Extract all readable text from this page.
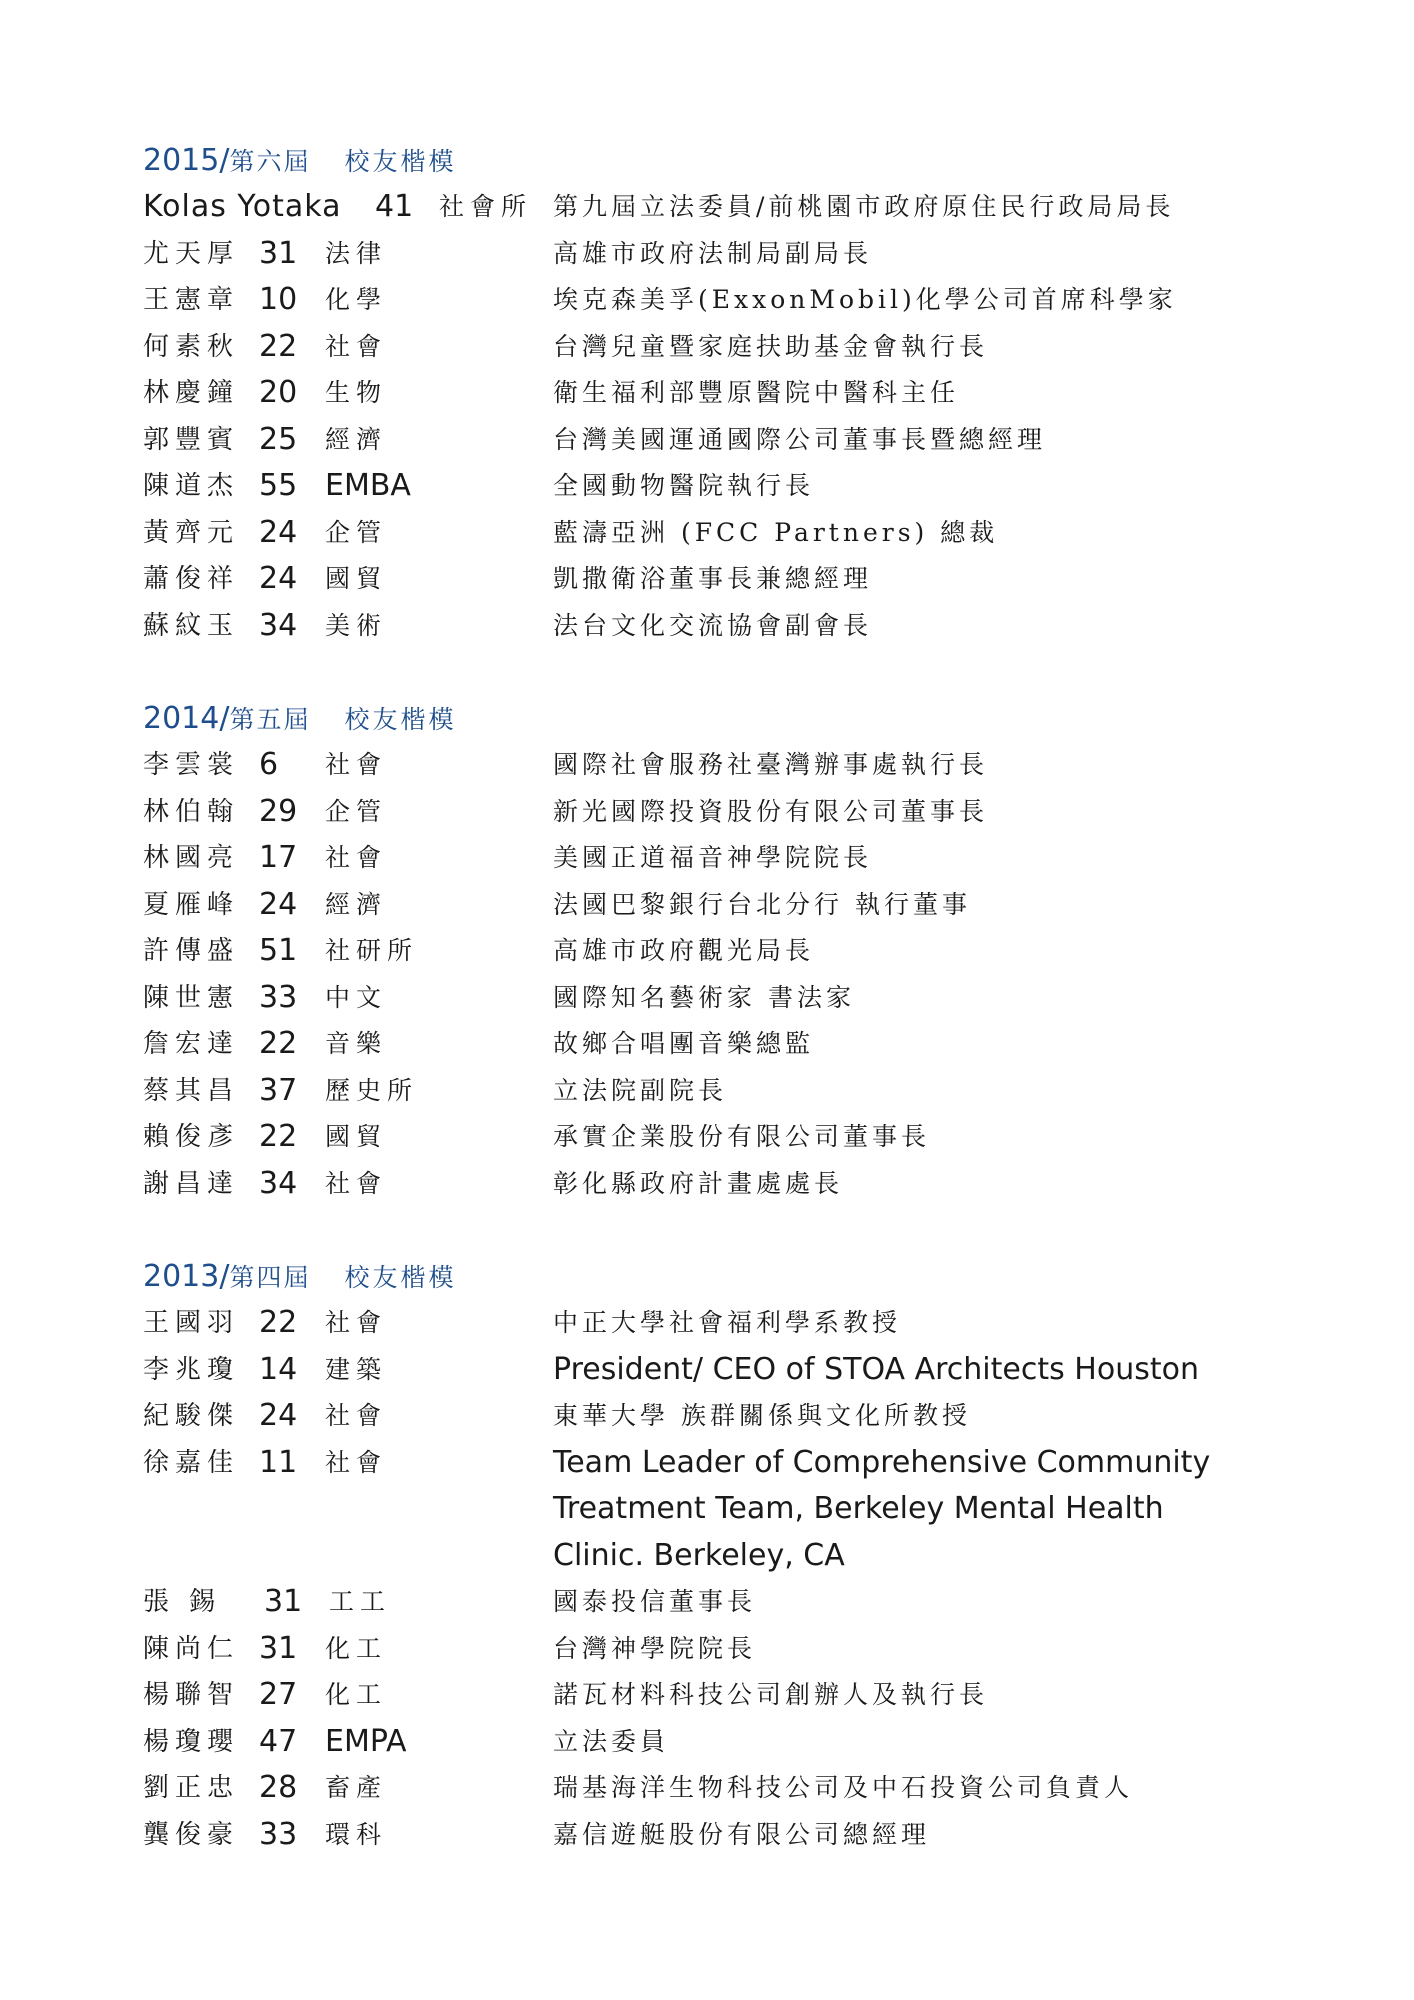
2015/第六屆 校友楷模
Kolas Yotaka 41 社會所 第九屆立法委員/前桃園市政府原住民行政局局長
尤天厚 31 法律	高雄市政府法制局副局長
王憲章 10 化學	埃克森美孚(ExxonMobil)化學公司首席科學家
何素秋 22 社會	台灣兒童暨家庭扶助基金會執行長
林慶鐘 20 生物	衛生福利部豐原醫院中醫科主任
郭豐賓 25 經濟	台灣美國運通國際公司董事長暨總經理
陳道杰 55 EMBA	全國動物醫院執行長
黃齊元 24 企管	藍濤亞洲 (FCC Partners) 總裁
蕭俊祥 24 國貿	凱撒衛浴董事長兼總經理
蘇紋玉 34 美術	法台文化交流協會副會長
2014/第五屆 校友楷模
李雲裳 6 社會	國際社會服務社臺灣辦事處執行長
林伯翰 29 企管	新光國際投資股份有限公司董事長
林國亮 17 社會	美國正道福音神學院院長
夏雁峰 24 經濟	法國巴黎銀行台北分行 執行董事
許傳盛 51 社研所	高雄市政府觀光局長
陳世憲 33 中文	國際知名藝術家 書法家
詹宏達 22 音樂	故鄉合唱團音樂總監
蔡其昌 37 歷史所	立法院副院長
賴俊彥 22 國貿	承實企業股份有限公司董事長
謝昌達 34 社會	彰化縣政府計畫處處長
2013/第四屆 校友楷模
王國羽 22 社會	中正大學社會福利學系教授
李兆瓊 14 建築	President/ CEO of STOA Architects Houston
紀駿傑 24 社會	東華大學 族群關係與文化所教授
徐嘉佳 11 社會	Team Leader of Comprehensive Community Treatment Team, Berkeley Mental Health Clinic. Berkeley, CA
張 錫 31 工工	國泰投信董事長
陳尚仁 31 化工	台灣神學院院長
楊聯智 27 化工	諾瓦材料科技公司創辦人及執行長
楊瓊瓔 47 EMPA	立法委員
劉正忠 28 畜產	瑞基海洋生物科技公司及中石投資公司負責人
龔俊豪 33 環科	嘉信遊艇股份有限公司總經理
